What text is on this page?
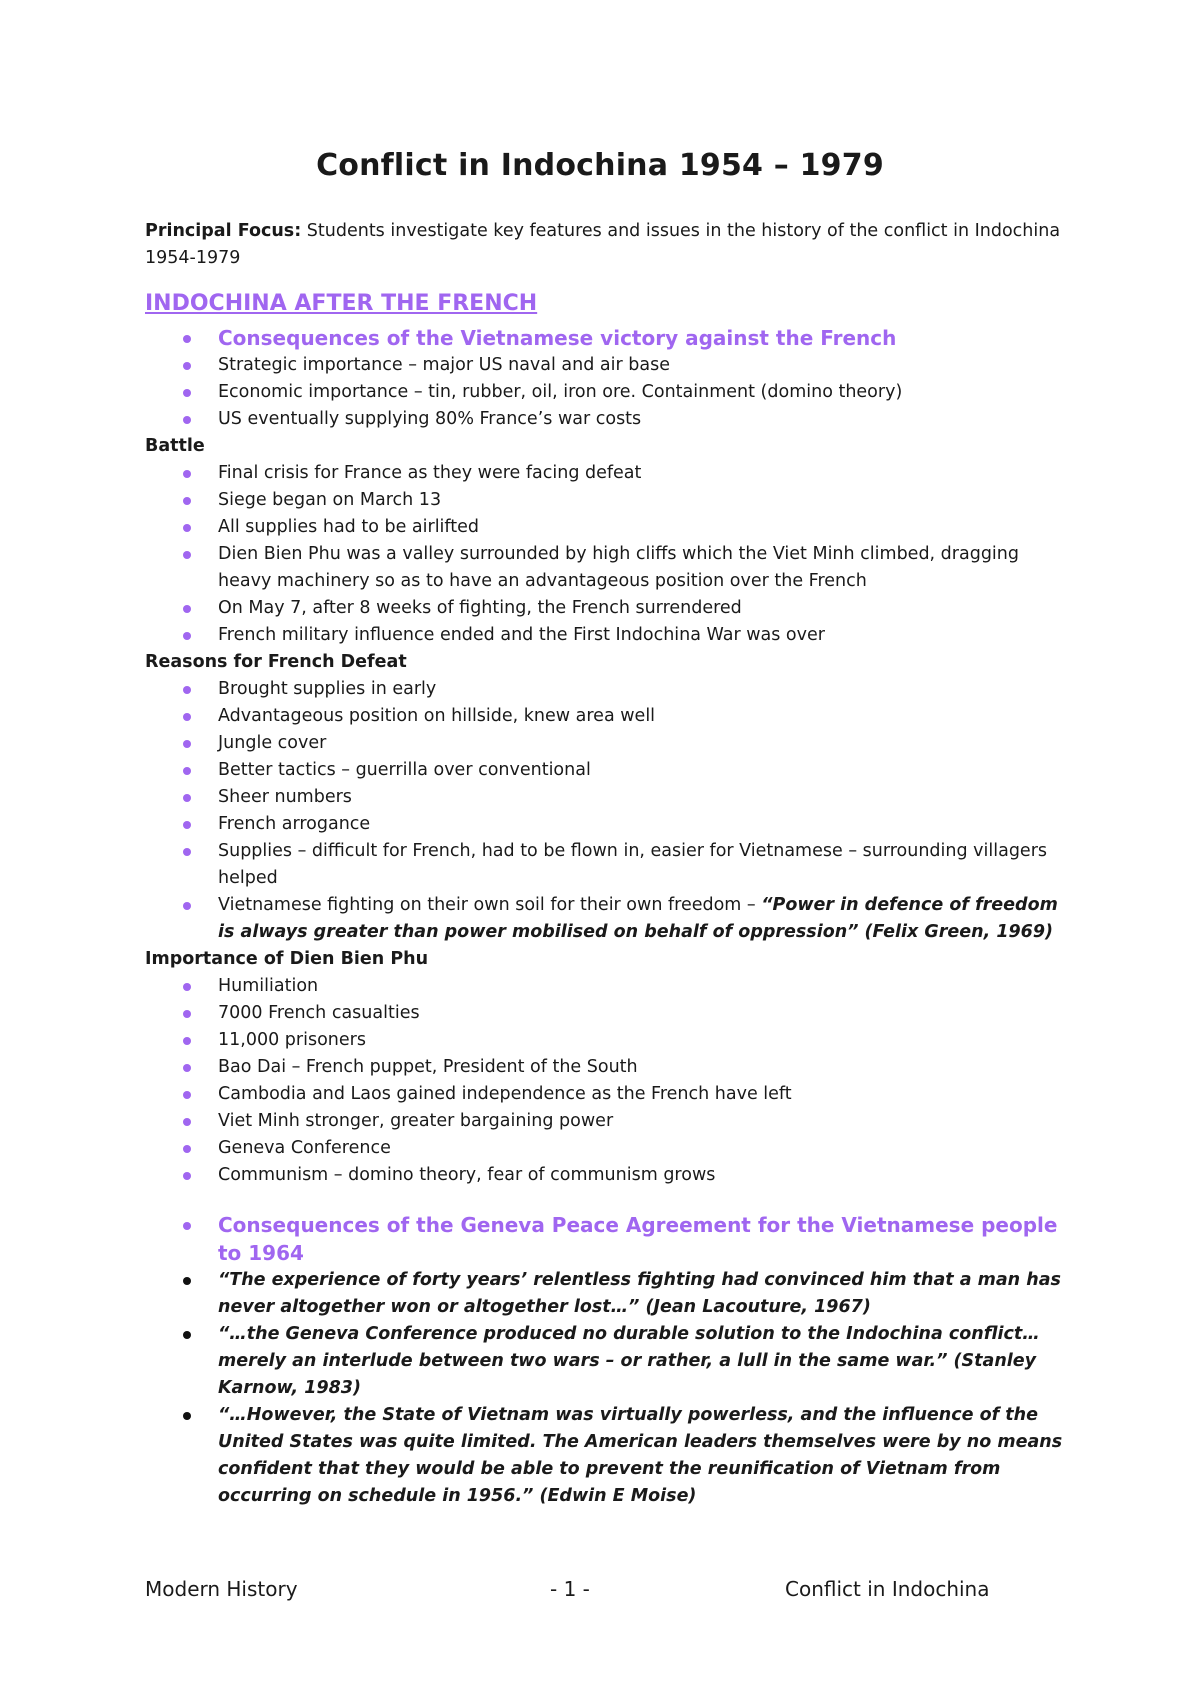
Conflict in Indochina 1954 – 1979

Principal Focus: Students investigate key features and issues in the history of the conflict in Indochina 1954-1979

INDOCHINA AFTER THE FRENCH
Consequences of the Vietnamese victory against the French
Strategic importance – major US naval and air base
Economic importance – tin, rubber, oil, iron ore. Containment (domino theory)
US eventually supplying 80% France’s war costs
Battle
Final crisis for France as they were facing defeat
Siege began on March 13
All supplies had to be airlifted
Dien Bien Phu was a valley surrounded by high cliffs which the Viet Minh climbed, dragging heavy machinery so as to have an advantageous position over the French
On May 7, after 8 weeks of fighting, the French surrendered
French military influence ended and the First Indochina War was over
Reasons for French Defeat
Brought supplies in early
Advantageous position on hillside, knew area well
Jungle cover
Better tactics – guerrilla over conventional
Sheer numbers
French arrogance
Supplies – difficult for French, had to be flown in, easier for Vietnamese – surrounding villagers helped
Vietnamese fighting on their own soil for their own freedom – “Power in defence of freedom is always greater than power mobilised on behalf of oppression” (Felix Green, 1969)
Importance of Dien Bien Phu
Humiliation
7000 French casualties
11,000 prisoners
Bao Dai – French puppet, President of the South
Cambodia and Laos gained independence as the French have left
Viet Minh stronger, greater bargaining power
Geneva Conference
Communism – domino theory, fear of communism grows
Consequences of the Geneva Peace Agreement for the Vietnamese people to 1964
“The experience of forty years’ relentless fighting had convinced him that a man has never altogether won or altogether lost…” (Jean Lacouture, 1967)
“…the Geneva Conference produced no durable solution to the Indochina conflict…merely an interlude between two wars – or rather, a lull in the same war.” (Stanley Karnow, 1983)
“…However, the State of Vietnam was virtually powerless, and the influence of the United States was quite limited. The American leaders themselves were by no means confident that they would be able to prevent the reunification of Vietnam from occurring on schedule in 1956.” (Edwin E Moise)
Modern History	- 1 -	Conflict in Indochina
